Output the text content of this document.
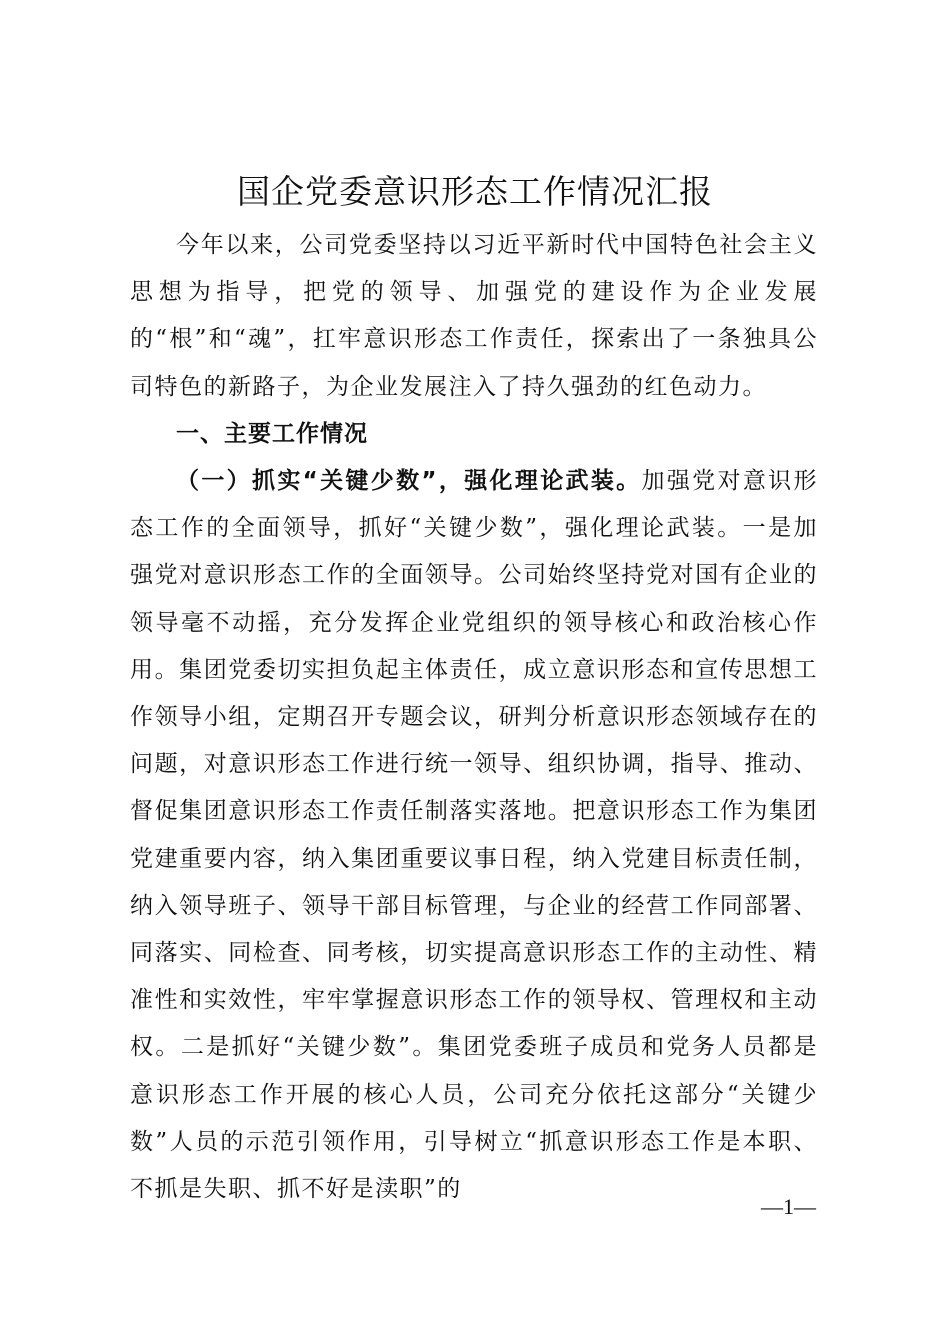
国企党委意识形态工作情况汇报

今年以来，公司党委坚持以习近平新时代中国特色社会主义思想为指导，把党的领导、加强党的建设作为企业发展的“根”和“魂”，扛牢意识形态工作责任，探索出了一条独具公司特色的新路子，为企业发展注入了持久强劲的红色动力。

一、主要工作情况

（一）抓实“关键少数”，强化理论武装。加强党对意识形态工作的全面领导，抓好“关键少数”，强化理论武装。一是加强党对意识形态工作的全面领导。公司始终坚持党对国有企业的领导毫不动摇，充分发挥企业党组织的领导核心和政治核心作用。集团党委切实担负起主体责任，成立意识形态和宣传思想工作领导小组，定期召开专题会议，研判分析意识形态领域存在的问题，对意识形态工作进行统一领导、组织协调，指导、推动、督促集团意识形态工作责任制落实落地。把意识形态工作为集团党建重要内容，纳入集团重要议事日程，纳入党建目标责任制，纳入领导班子、领导干部目标管理，与企业的经营工作同部署、同落实、同检查、同考核，切实提高意识形态工作的主动性、精准性和实效性，牢牢掌握意识形态工作的领导权、管理权和主动权。二是抓好“关键少数”。集团党委班子成员和党务人员都是意识形态工作开展的核心人员，公司充分依托这部分“关键少数”人员的示范引领作用，引导树立“抓意识形态工作是本职、不抓是失职、抓不好是渎职”的

—1—
